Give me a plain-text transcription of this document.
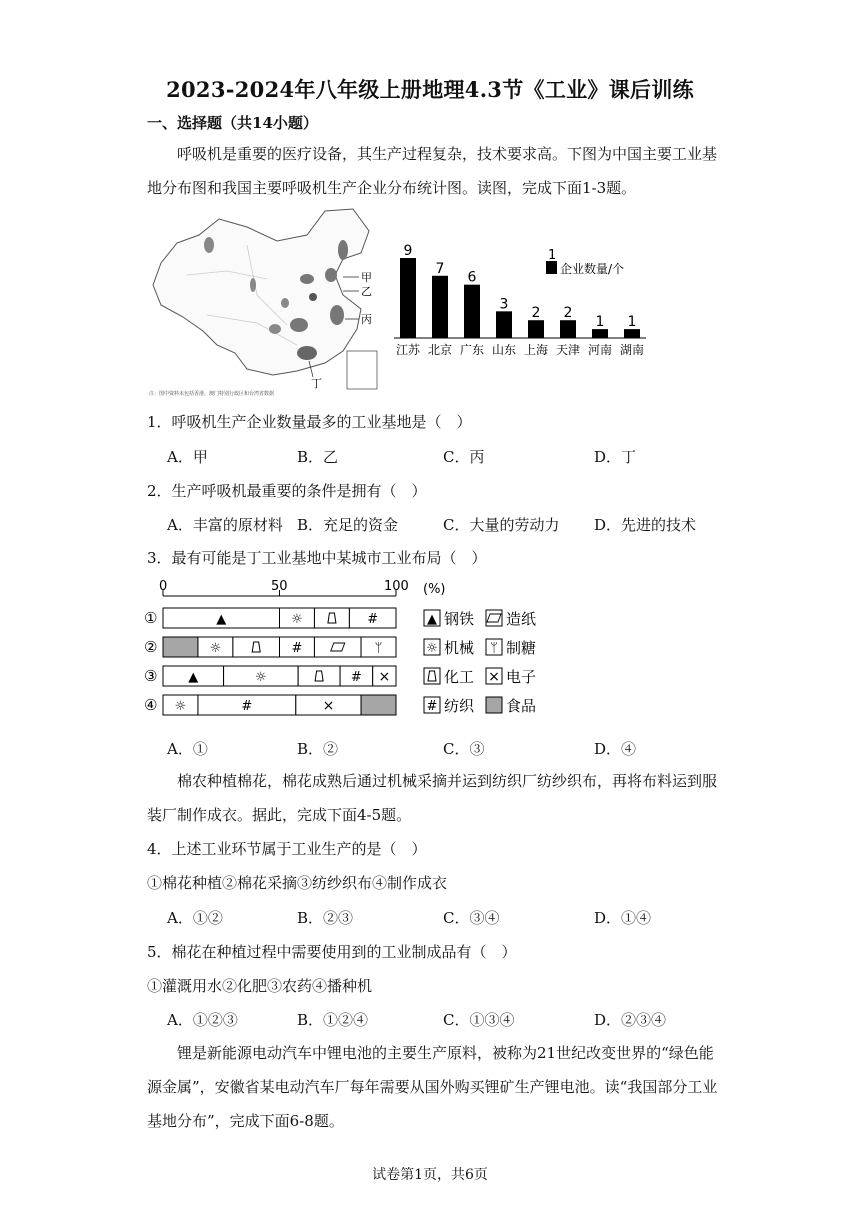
2023-2024年八年级上册地理4.3节《工业》课后训练
一、选择题（共14小题）
呼吸机是重要的医疗设备，其生产过程复杂，技术要求高。下图为中国主要工业基地分布图和我国主要呼吸机生产企业分布统计图。读图，完成下面1-3题。
甲
乙
丙
丁
注：图中资料未包括香港、澳门特别行政区和台湾省数据
9
江苏
7
北京
6
广东
3
山东
2
上海
2
天津
1
河南
1
湖南
1
企业数量/个
1．呼吸机生产企业数量最多的工业基地是（　）
A．甲	B．乙	C．丙	D．丁
2．生产呼吸机最重要的条件是拥有（　）
A．丰富的原材料 B．充足的资金	C．大量的劳动力 D．先进的技术
3．最有可能是丁工业基地中某城市工业布局（　）
0	50	100 (%)
①	▲	☼	#
②	☼	#	ᛘ
③ ▲	☼	# ×
④ ☼	#	×
▲ 钢铁 造纸
☼ 机械 ᛘ 制糖
化工 × 电子
# 纺织 食品
A．①	B．②	C．③	D．④
棉农种植棉花，棉花成熟后通过机械采摘并运到纺织厂纺纱织布，再将布料运到服装厂制作成衣。据此，完成下面4-5题。
4．上述工业环节属于工业生产的是（　）
①棉花种植②棉花采摘③纺纱织布④制作成衣
A．①②	B．②③	C．③④	D．①④
5．棉花在种植过程中需要使用到的工业制成品有（　）
①灌溉用水②化肥③农药④播种机
A．①②③	B．①②④	C．①③④	D．②③④
锂是新能源电动汽车中锂电池的主要生产原料，被称为21世纪改变世界的“绿色能源金属”，安徽省某电动汽车厂每年需要从国外购买锂矿生产锂电池。读“我国部分工业基地分布”，完成下面6-8题。
试卷第1页，共6页
